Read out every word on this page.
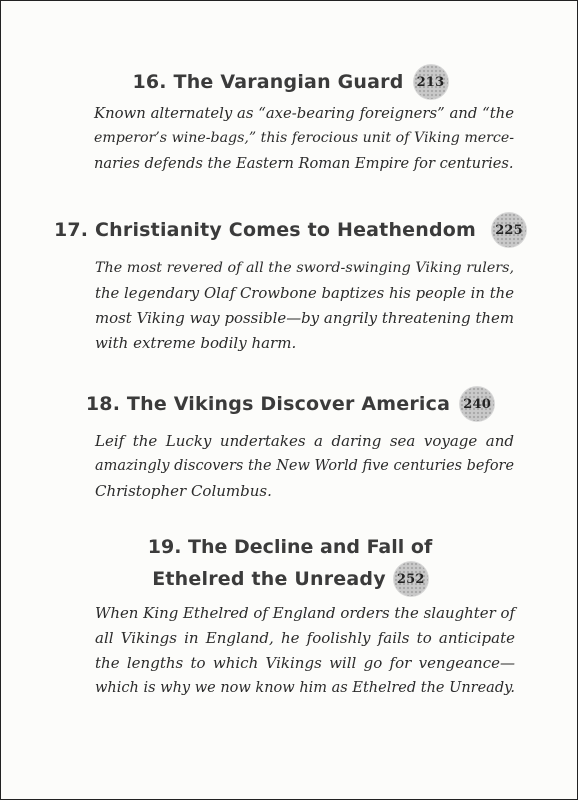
16. The Varangian Guard 213
Known alternately as “axe-bearing foreigners” and “the
emperor’s wine-bags,” this ferocious unit of Viking merce-
naries defends the Eastern Roman Empire for centuries.
17. Christianity Comes to Heathendom 225
The most revered of all the sword-swinging Viking rulers,
the legendary Olaf Crowbone baptizes his people in the
most Viking way possible—by angrily threatening them
with extreme bodily harm.
18. The Vikings Discover America 240
Leif the Lucky undertakes a daring sea voyage and
amazingly discovers the New World five centuries before
Christopher Columbus.
19. The Decline and Fall of
Ethelred the Unready 252
When King Ethelred of England orders the slaughter of
all Vikings in England, he foolishly fails to anticipate
the lengths to which Vikings will go for vengeance—
which is why we now know him as Ethelred the Unready.
